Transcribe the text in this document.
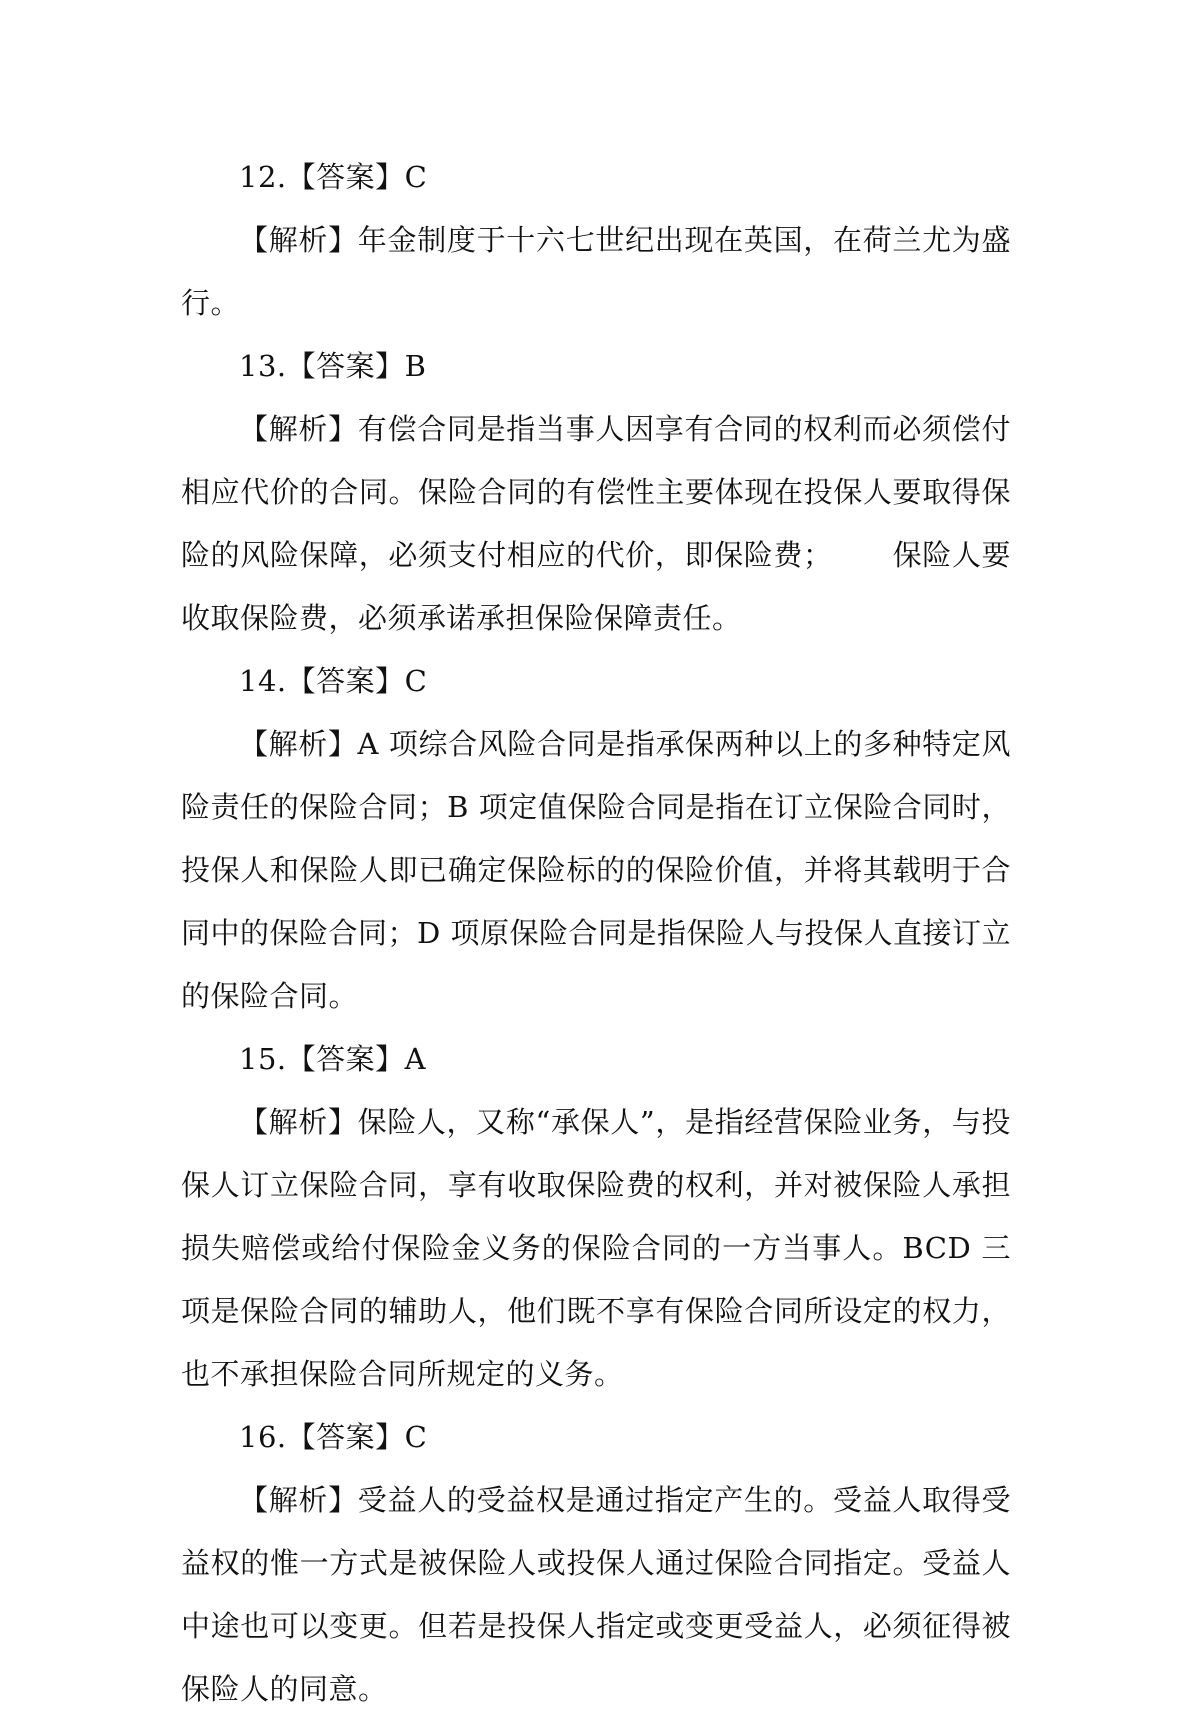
12.【答案】C

【解析】年金制度于十六七世纪出现在英国，在荷兰尤为盛行。

13.【答案】B

【解析】有偿合同是指当事人因享有合同的权利而必须偿付相应代价的合同。保险合同的有偿性主要体现在投保人要取得保险的风险保障，必须支付相应的代价，即保险费； 保险人要收取保险费，必须承诺承担保险保障责任。

14.【答案】C

【解析】A 项综合风险合同是指承保两种以上的多种特定风险责任的保险合同；B 项定值保险合同是指在订立保险合同时，投保人和保险人即已确定保险标的的保险价值，并将其载明于合同中的保险合同；D 项原保险合同是指保险人与投保人直接订立的保险合同。

15.【答案】A

【解析】保险人，又称“承保人”，是指经营保险业务，与投保人订立保险合同，享有收取保险费的权利，并对被保险人承担损失赔偿或给付保险金义务的保险合同的一方当事人。BCD 三项是保险合同的辅助人，他们既不享有保险合同所设定的权力，也不承担保险合同所规定的义务。

16.【答案】C

【解析】受益人的受益权是通过指定产生的。受益人取得受益权的惟一方式是被保险人或投保人通过保险合同指定。受益人中途也可以变更。但若是投保人指定或变更受益人，必须征得被保险人的同意。
